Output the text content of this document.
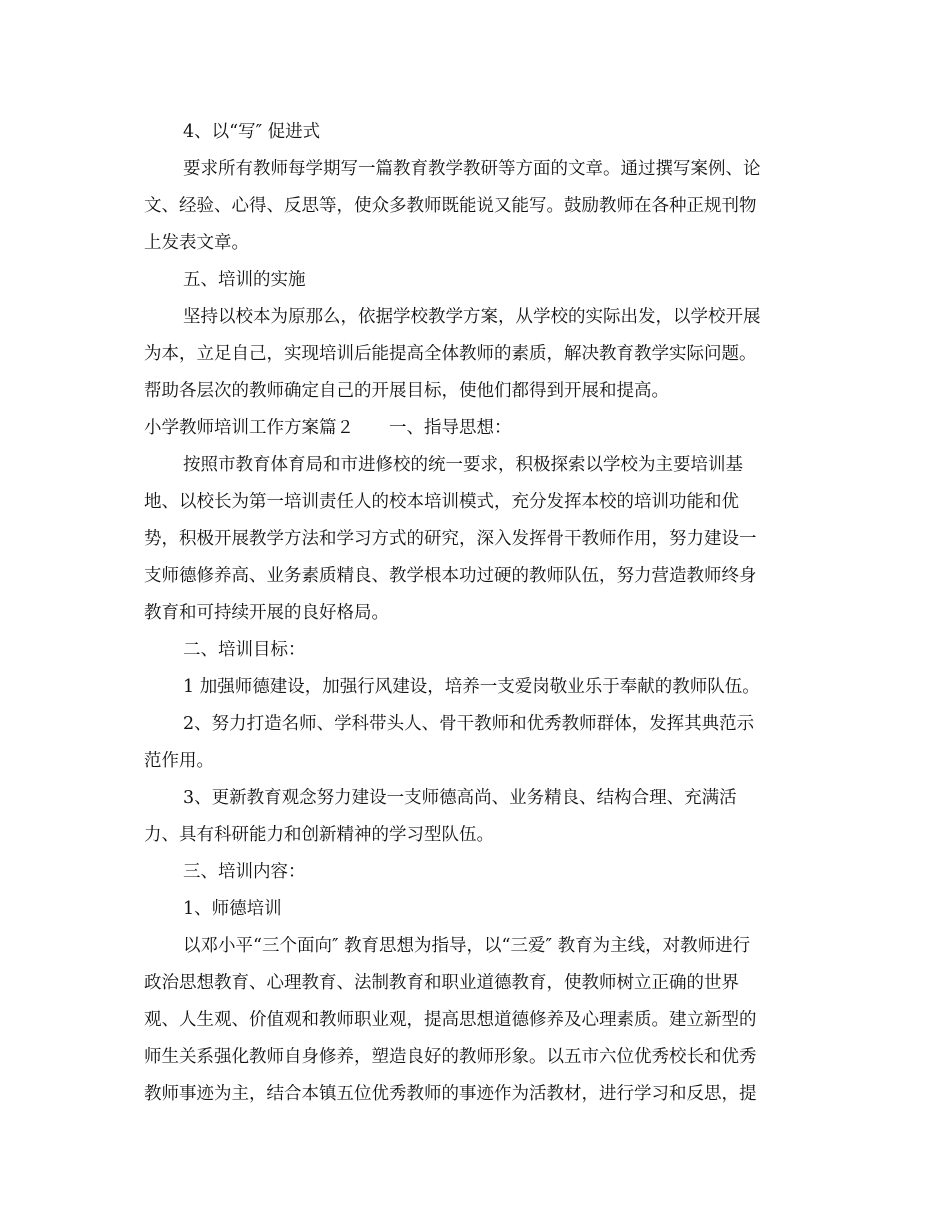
4、以“写″ 促进式
要求所有教师每学期写一篇教育教学教研等方面的文章。通过撰写案例、论
文、经验、心得、反思等，使众多教师既能说又能写。鼓励教师在各种正规刊物
上发表文章。
五、培训的实施
坚持以校本为原那么，依据学校教学方案，从学校的实际出发，以学校开展
为本，立足自己，实现培训后能提高全体教师的素质，解决教育教学实际问题。
帮助各层次的教师确定自己的开展目标，使他们都得到开展和提高。
小学教师培训工作方案篇２　　一、指导思想：
按照市教育体育局和市进修校的统一要求，积极探索以学校为主要培训基
地、以校长为第一培训责任人的校本培训模式，充分发挥本校的培训功能和优
势，积极开展教学方法和学习方式的研究，深入发挥骨干教师作用，努力建设一
支师德修养高、业务素质精良、教学根本功过硬的教师队伍，努力营造教师终身
教育和可持续开展的良好格局。
二、培训目标：
1 加强师德建设，加强行风建设，培养一支爱岗敬业乐于奉献的教师队伍。
2、努力打造名师、学科带头人、骨干教师和优秀教师群体，发挥其典范示
范作用。
3、更新教育观念努力建设一支师德高尚、业务精良、结构合理、充满活
力、具有科研能力和创新精神的学习型队伍。
三、培训内容：
1、师德培训
以邓小平“三个面向″ 教育思想为指导，以“三爱″ 教育为主线，对教师进行
政治思想教育、心理教育、法制教育和职业道德教育，使教师树立正确的世界
观、人生观、价值观和教师职业观，提高思想道德修养及心理素质。建立新型的
师生关系强化教师自身修养，塑造良好的教师形象。以五市六位优秀校长和优秀
教师事迹为主，结合本镇五位优秀教师的事迹作为活教材，进行学习和反思，提
